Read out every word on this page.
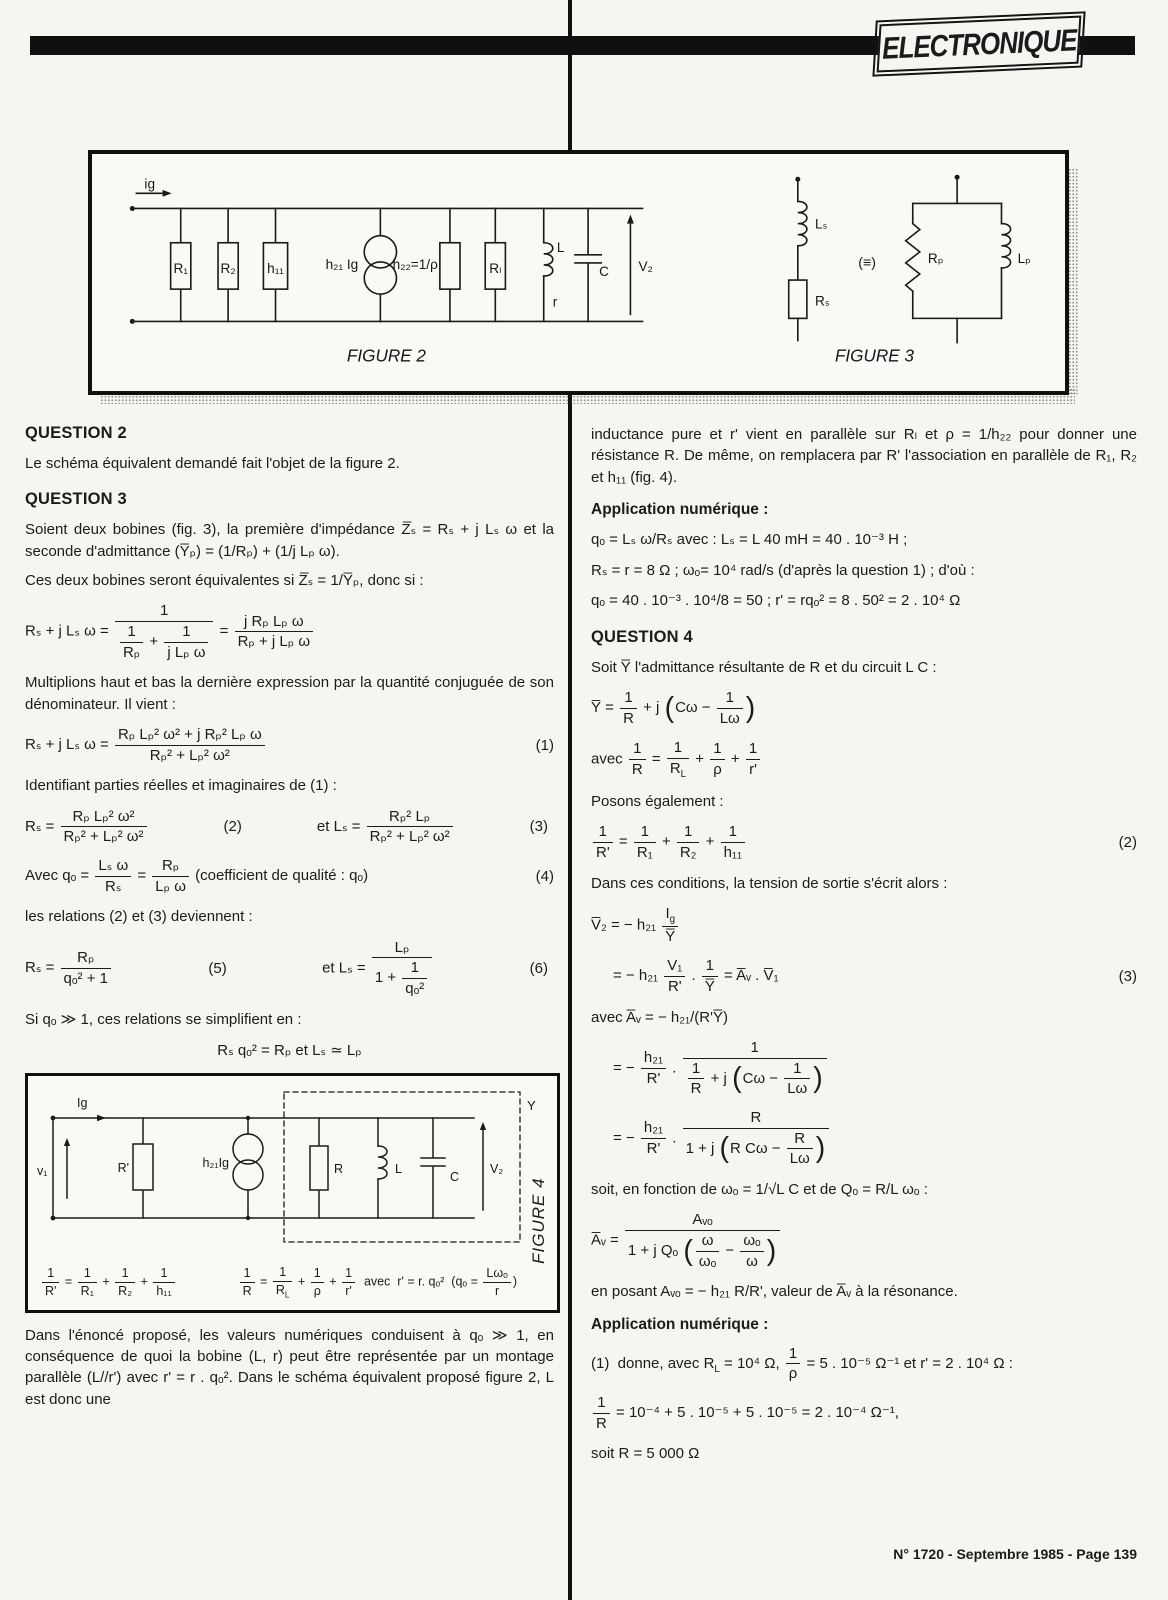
ELECTRONIQUE
ig
R₁ R₂ h₁₁	h₂₁ Ig	h₂₂=1/ρ	Rₗ
L
r
C V₂
Lₛ
Rₛ
(≡)	Rₚ	Lₚ
FIGURE 2	FIGURE 3
QUESTION 2

Le schéma équivalent demandé fait l'objet de la figure 2.

QUESTION 3

Soient deux bobines (fig. 3), la première d'impédance Z̅ₛ = Rₛ + j Lₛ ω et la seconde d'admittance (Y̅ₚ) = (1/Rₚ) + (1/j Lₚ ω).

Ces deux bobines seront équivalentes si Z̅ₛ = 1/Y̅ₚ, donc si :

Rₛ + j Lₛ $\omega = \frac{1}{\frac{1}{\text{Rₚ}} + \frac{1}{\text{j Lₚ ω}}} = \frac{\text{j Rₚ Lₚ ω}}{\text{Rₚ + j Lₚ ω}}$

Multiplions haut et bas la dernière expression par la quantité conjuguée de son dénominateur. Il vient :

Rₛ + j Lₛ $\omega = \frac{\text{Rₚ Lₚ² ω² + j Rₚ² Lₚ ω}}{\text{Rₚ² + Lₚ² ω²}}$	(1)

Identifiant parties réelles et imaginaires de (1) :

$R_s = \frac{\text{Rₚ Lₚ² ω²}}{\text{Rₚ² + Lₚ² ω²}}$	(2)	et $L_s = \frac{\text{Rₚ² Lₚ}}{\text{Rₚ² + Lₚ² ω²}}$	(3)
Avec $q_o = \frac{\text{Lₛ ω}}{\text{Rₛ}} = \frac{\text{Rₚ}}{\text{Lₚ ω}}$ (coefficient de qualité : qₒ)	(4)

les relations (2) et (3) deviennent :

$R_s = \frac{\text{Rₚ}}{\text{qₒ² + 1}}$	(5)	et $L_s = \frac{\text{Lₚ}}{1 + \frac{1}{\text{qₒ²}}}$	(6)

Si qₒ ≫ 1, ces relations se simplifient en :

Rₛ qₒ² = Rₚ et Lₛ ≃ Lₚ
Ig
v₁	R'	h₂₁Ig	R	L
C
V₂
Y
$\frac{1}{R'} = \frac{1}{\text{R₁}} + \frac{1}{\text{R₂}} + \frac{1}{\text{h₁₁}}$	$\frac{1}{R} = \frac{1}{R_L} + \frac{1}{\rho} + \frac{1}{r'}$ avec  r' = r. qₒ²  ($q_o = \frac{\text{Lωₒ}}{r}$ )
FIGURE 4

Dans l'énoncé proposé, les valeurs numériques conduisent à qₒ ≫ 1, en conséquence de quoi la bobine (L, r) peut être représentée par un montage parallèle (L//r') avec r' = r . qₒ². Dans le schéma équivalent proposé figure 2, L est donc une

inductance pure et r' vient en parallèle sur Rₗ et ρ = 1/h₂₂ pour donner une résistance R. De même, on remplacera par R' l'association en parallèle de R₁, R₂ et h₁₁ (fig. 4).

Application numérique :

qₒ = Lₛ ω/Rₛ avec : Lₛ = L 40 mH = 40 . 10⁻³ H ;

Rₛ = r = 8 Ω ; ωₒ= 10⁴ rad/s (d'après la question 1) ; d'où :

qₒ = 40 . 10⁻³ . 10⁴/8 = 50 ; r' = rqₒ² = 8 . 50² = 2 . 10⁴ Ω

QUESTION 4

Soit Y̅ l'admittance résultante de R et du circuit L C :

Y̅ = $\frac{1}{R} + j$ ($C\omega - \frac{1}{L\omega}$ )
avec $\frac{1}{R} = \frac{1}{R_L} + \frac{1}{\rho} + \frac{1}{r'}$

Posons également :

$\frac{1}{R'} = \frac{1}{\text{R₁}} + \frac{1}{\text{R₂}} + \frac{1}{\text{h₁₁}}$	(2)

Dans ces conditions, la tension de sortie s'écrit alors :

V̅₂ = − $h_{21} \frac{I_g}{Y̅}$
= − $h_{21} \frac{\text{V₁}}{R'}$ . $\frac{1}{Y̅}$ = A̅ᵥ . V̅₁	(3)

avec A̅ᵥ = − h₂₁/(R'Y̅)

= − $\frac{\text{h₂₁}}{R'}$ . $\frac{1}{\frac{1}{R} + j (C\omega - \frac{1}{L\omega} )}$
= − $\frac{\text{h₂₁}}{R'}$ . $\frac{R}{1 + j (R C\omega - \frac{R}{L\omega} )}$

soit, en fonction de ωₒ = 1/√L C et de Qₒ = R/L ωₒ :

A̅ᵥ = $\frac{\text{Aᵥₒ}}{1 + j Q_o ( \frac{\omega}{\text{ωₒ}} - \frac{\text{ωₒ}}{\omega} )}$

en posant Aᵥₒ = − h₂₁ R/R', valeur de A̅ᵥ à la résonance.

Application numérique :
(1)  donne, avec $R_L = 10^4$ Ω, $\frac{1}{\rho} = 5$ . 10⁻⁵ Ω⁻¹ et r' = 2 . 10⁴ Ω :
$\frac{1}{R} = 10^{-4} + 5$ . 10⁻⁵ + 5 . 10⁻⁵ = 2 . 10⁻⁴ Ω⁻¹,

soit R = 5 000 Ω

N° 1720 - Septembre 1985 - Page 139
